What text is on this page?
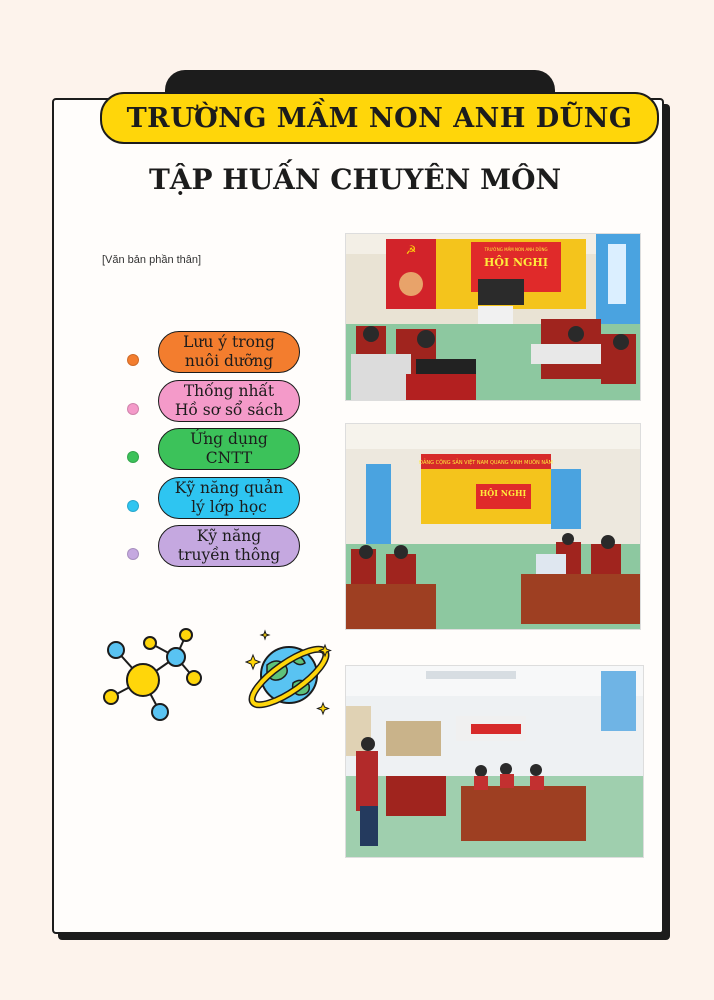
TRƯỜNG MẦM NON ANH DŨNG
TẬP HUẤN CHUYÊN MÔN
[Văn bản phần thân]
Lưu ý trong
nuôi dưỡng
Thống nhất
Hồ sơ sổ sách
Ứng dụng
CNTT
Kỹ năng quản
lý lớp học
Kỹ năng
truyền thông
☭	TRƯỜNG MẦM NON ANH DŨNG
HỘI NGHỊ
ĐẢNG CỘNG SẢN VIỆT NAM QUANG VINH MUÔN NĂM
HỘI NGHỊ
